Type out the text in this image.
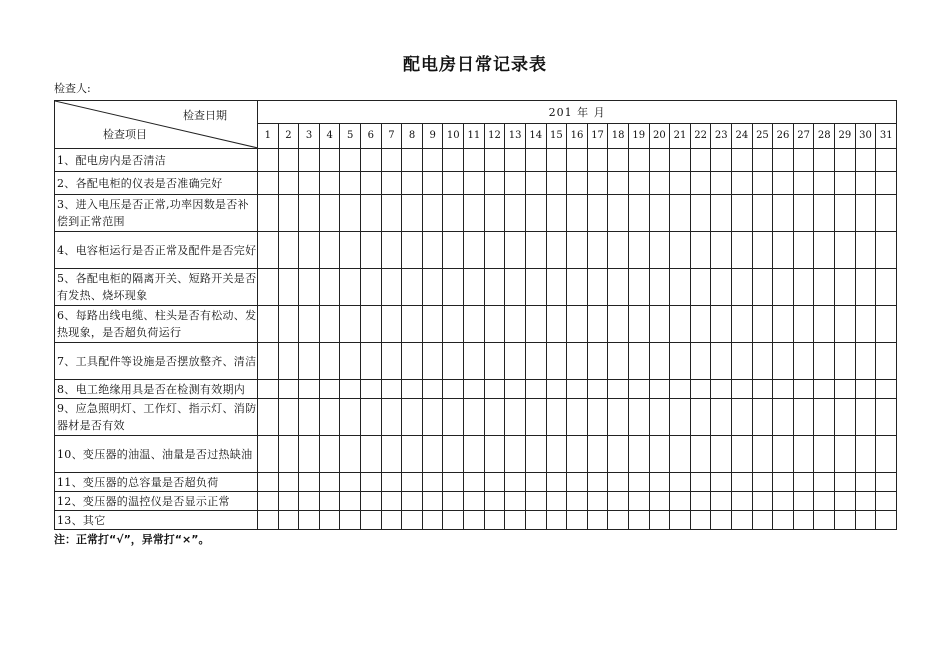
配电房日常记录表
检查人:
检查日期
检查项目	201 年 月																														
	1	2	3	4	5	6	7	8	9	10	11	12	13	14	15	16	17	18	19	20	21	22	23	24	25	26	27	28	29	30	31
1、配电房内是否清洁																															
2、各配电柜的仪表是否准确完好																															
3、进入电压是否正常,功率因数是否补偿到正常范围																															
4、电容柜运行是否正常及配件是否完好																															
5、各配电柜的隔离开关、短路开关是否有发热、烧坏现象																															
6、每路出线电缆、柱头是否有松动、发热现象，是否超负荷运行																															
7、工具配件等设施是否摆放整齐、清洁																															
8、电工绝缘用具是否在检测有效期内																															
9、应急照明灯、工作灯、指示灯、消防器材是否有效																															
10、变压器的油温、油量是否过热缺油																															
11、变压器的总容量是否超负荷																															
12、变压器的温控仪是否显示正常																															
13、其它																															
注：正常打“√”，异常打“×”。
